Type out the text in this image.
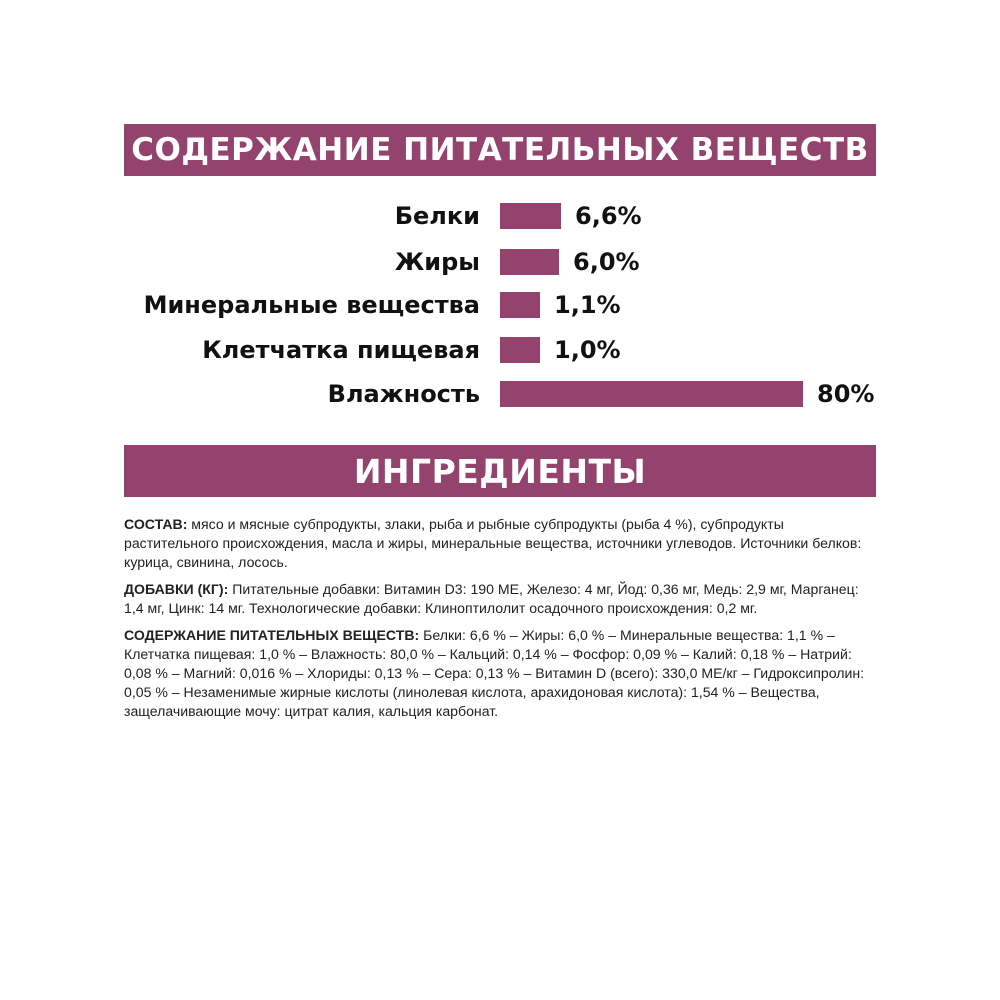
СОДЕРЖАНИЕ ПИТАТЕЛЬНЫХ ВЕЩЕСТВ
Белки	6,6%
Жиры	6,0%
Минеральные вещества	1,1%
Клетчатка пищевая	1,0%
Влажность	80%
ИНГРЕДИЕНТЫ

СОСТАВ: мясо и мясные субпродукты, злаки, рыба и рыбные субпродукты (рыба 4 %), субпродукты растительного происхождения, масла и жиры, минеральные вещества, источники углеводов. Источники белков: курица, свинина, лосось.

ДОБАВКИ (КГ): Питательные добавки: Витамин D3: 190 МЕ, Железо: 4 мг, Йод: 0,36 мг, Медь: 2,9 мг, Марганец: 1,4 мг, Цинк: 14 мг. Технологические добавки: Клиноптилолит осадочного происхождения: 0,2 мг.

СОДЕРЖАНИЕ ПИТАТЕЛЬНЫХ ВЕЩЕСТВ: Белки: 6,6 % – Жиры: 6,0 % – Минеральные вещества: 1,1 % – Клетчатка пищевая: 1,0 % – Влажность: 80,0 % – Кальций: 0,14 % – Фосфор: 0,09 % – Калий: 0,18 % – Натрий: 0,08 % – Магний: 0,016 % – Хлориды: 0,13 % – Сера: 0,13 % – Витамин D (всего): 330,0 МЕ/кг – Гидроксипролин: 0,05 % – Незаменимые жирные кислоты (линолевая кислота, арахидоновая кислота): 1,54 % – Вещества, защелачивающие мочу: цитрат калия, кальция карбонат.
